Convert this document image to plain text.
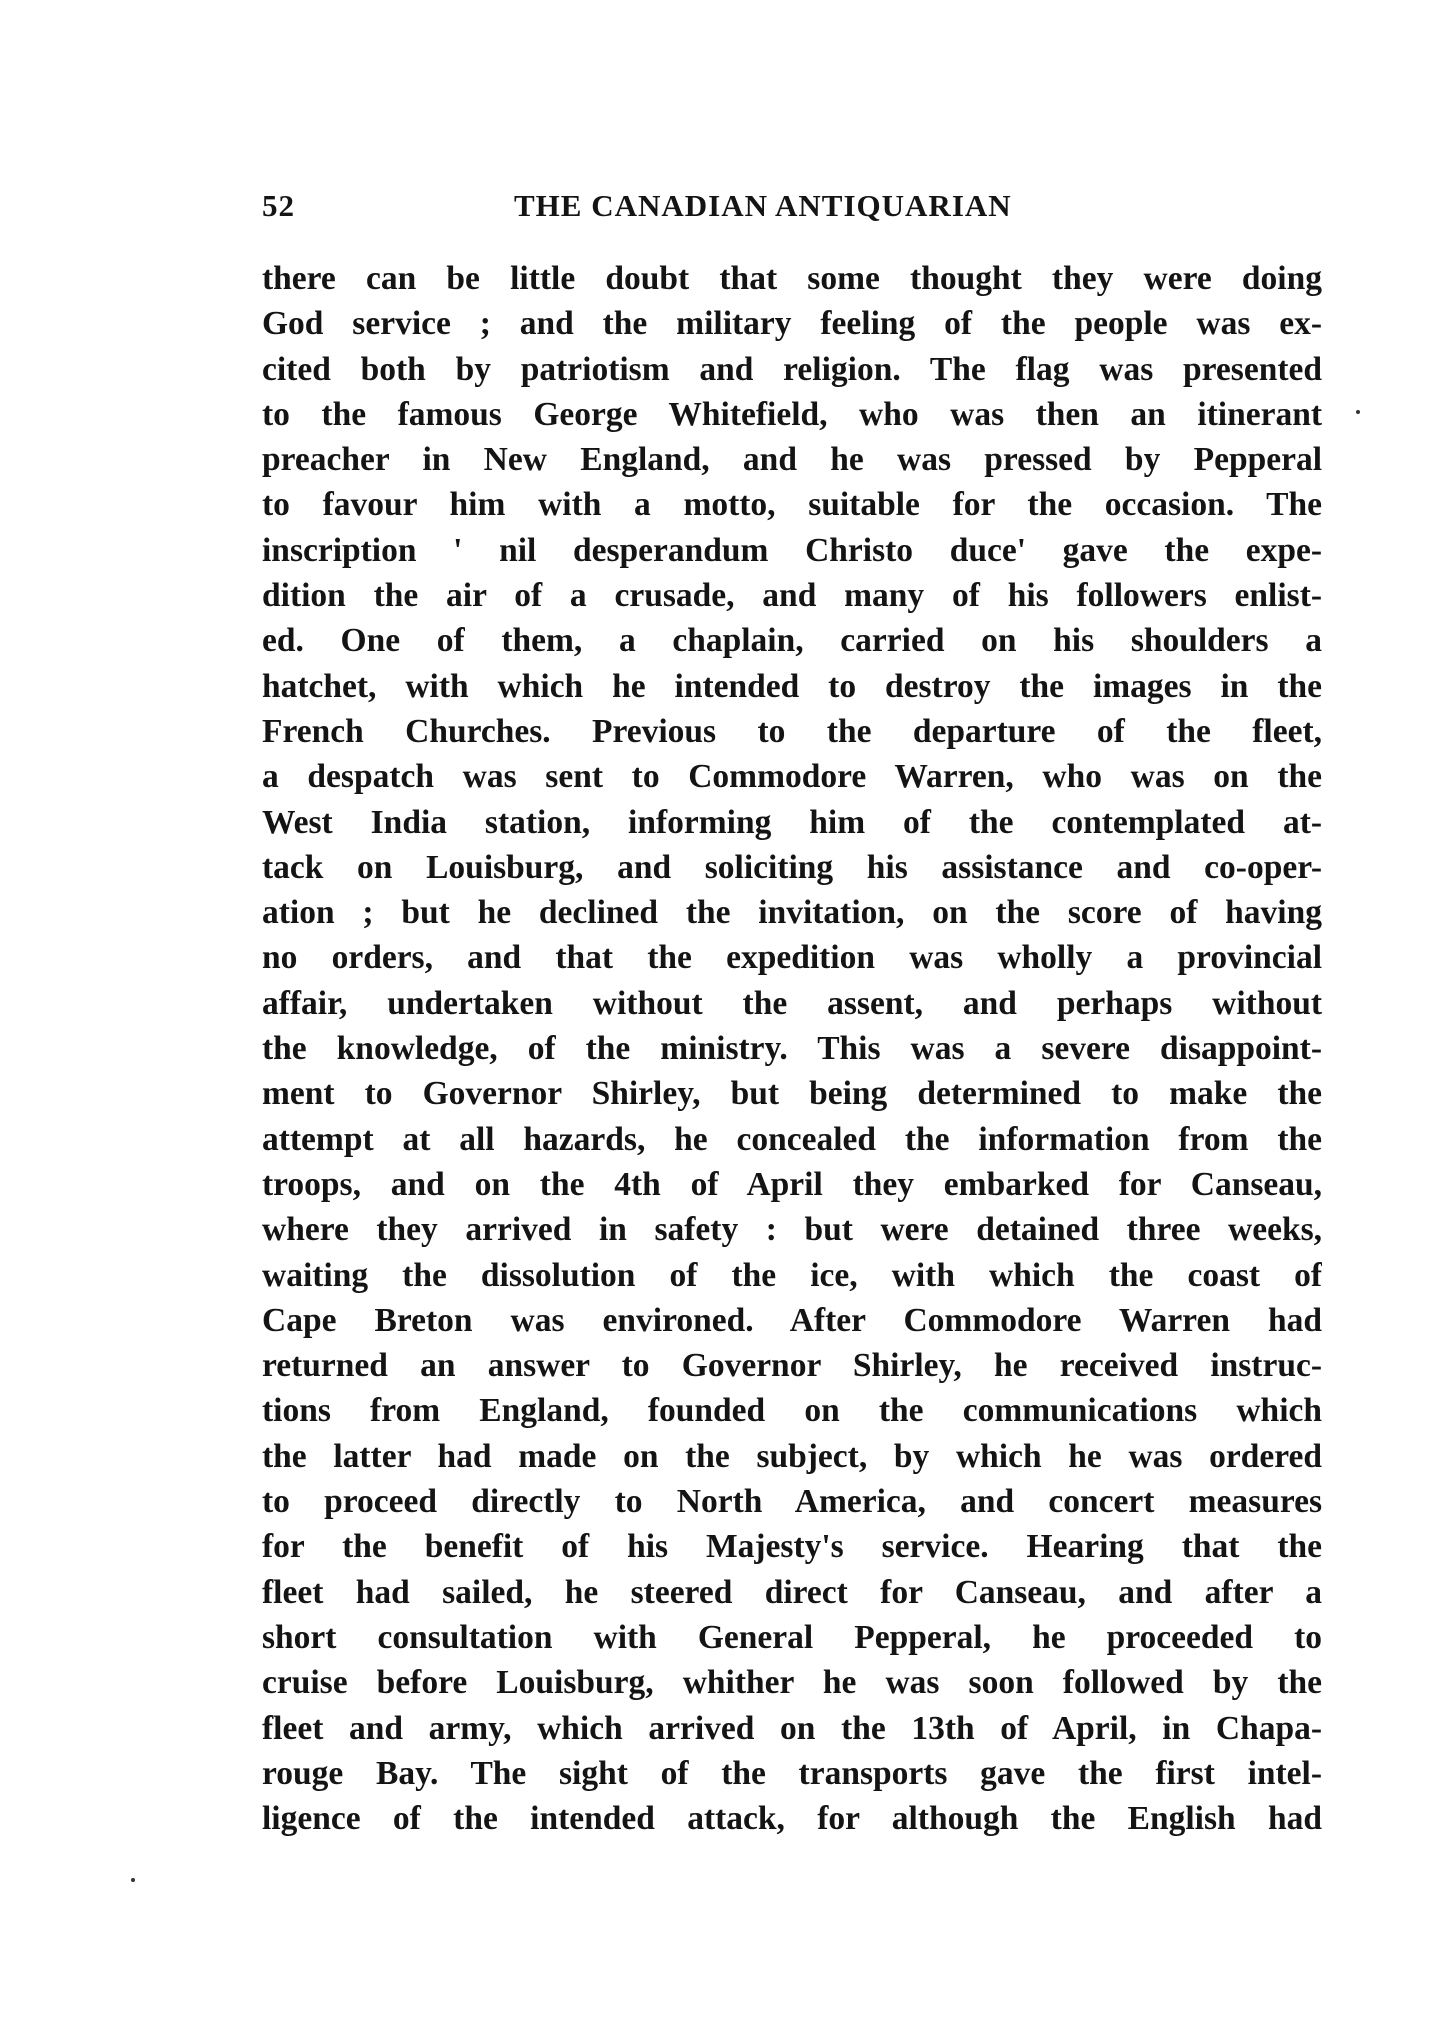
52	THE CANADIAN ANTIQUARIAN
there can be little doubt that some thought they were doing
God service ; and the military feeling of the people was ex-
cited both by patriotism and religion. The flag was presented
to the famous George Whitefield, who was then an itinerant
preacher in New England, and he was pressed by Pepperal
to favour him with a motto, suitable for the occasion. The
inscription ' nil desperandum Christo duce' gave the expe-
dition the air of a crusade, and many of his followers enlist-
ed. One of them, a chaplain, carried on his shoulders a
hatchet, with which he intended to destroy the images in the
French Churches. Previous to the departure of the fleet,
a despatch was sent to Commodore Warren, who was on the
West India station, informing him of the contemplated at-
tack on Louisburg, and soliciting his assistance and co-oper-
ation ; but he declined the invitation, on the score of having
no orders, and that the expedition was wholly a provincial
affair, undertaken without the assent, and perhaps without
the knowledge, of the ministry. This was a severe disappoint-
ment to Governor Shirley, but being determined to make the
attempt at all hazards, he concealed the information from the
troops, and on the 4th of April they embarked for Canseau,
where they arrived in safety : but were detained three weeks,
waiting the dissolution of the ice, with which the coast of
Cape Breton was environed. After Commodore Warren had
returned an answer to Governor Shirley, he received instruc-
tions from England, founded on the communications which
the latter had made on the subject, by which he was ordered
to proceed directly to North America, and concert measures
for the benefit of his Majesty's service. Hearing that the
fleet had sailed, he steered direct for Canseau, and after a
short consultation with General Pepperal, he proceeded to
cruise before Louisburg, whither he was soon followed by the
fleet and army, which arrived on the 13th of April, in Chapa-
rouge Bay. The sight of the transports gave the first intel-
ligence of the intended attack, for although the English had
